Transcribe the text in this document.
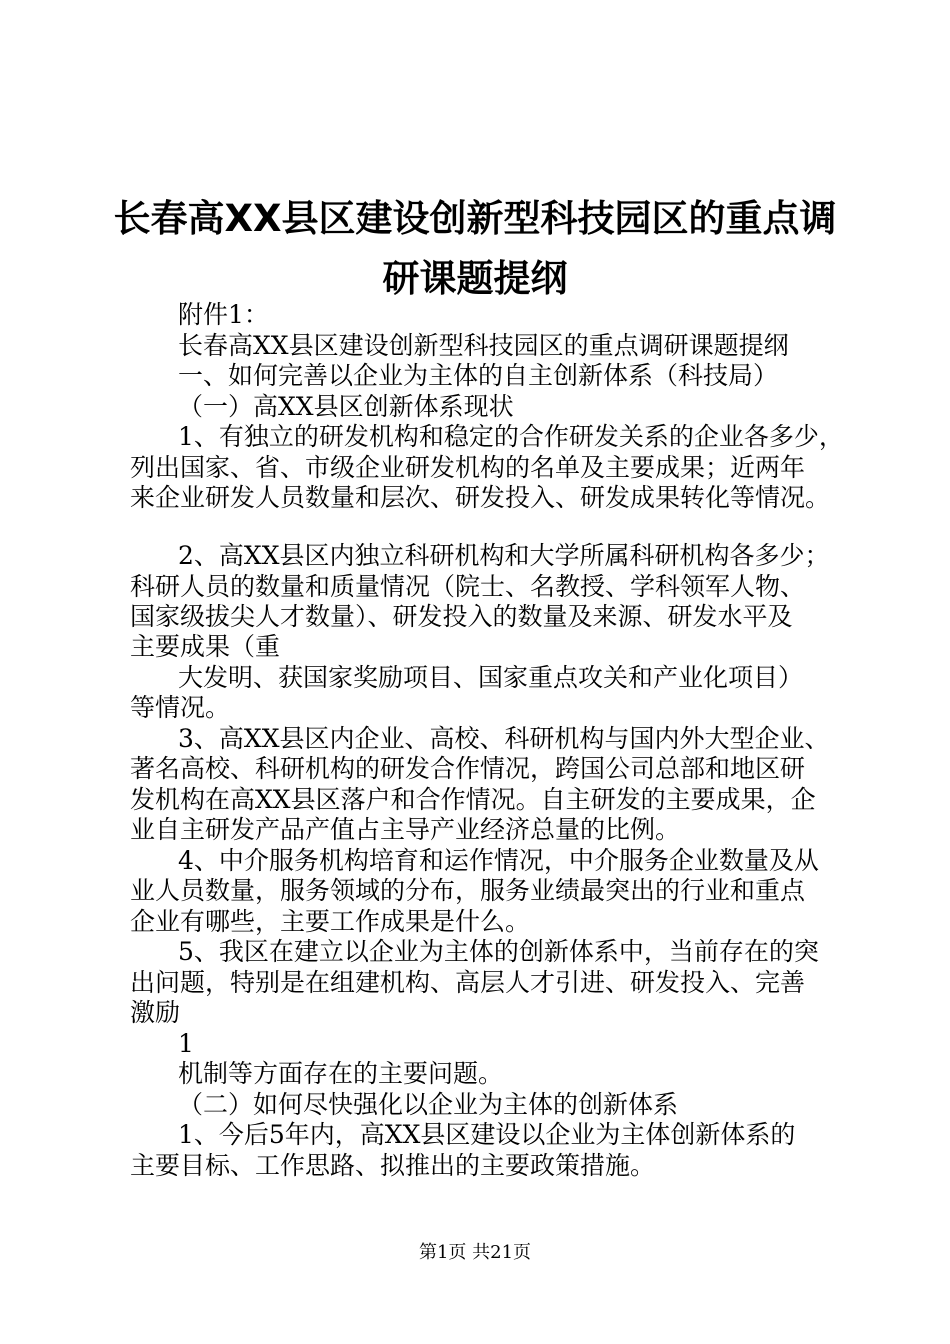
长春高XX县区建设创新型科技园区的重点调
研课题提纲
附件1：
长春高XX县区建设创新型科技园区的重点调研课题提纲
一、如何完善以企业为主体的自主创新体系（科技局）
（一）高XX县区创新体系现状
1、有独立的研发机构和稳定的合作研发关系的企业各多少，
列出国家、省、市级企业研发机构的名单及主要成果；近两年
来企业研发人员数量和层次、研发投入、研发成果转化等情况。
2、高XX县区内独立科研机构和大学所属科研机构各多少；
科研人员的数量和质量情况（院士、名教授、学科领军人物、
国家级拔尖人才数量）、研发投入的数量及来源、研发水平及
主要成果（重
大发明、获国家奖励项目、国家重点攻关和产业化项目）
等情况。
3、高XX县区内企业、高校、科研机构与国内外大型企业、
著名高校、科研机构的研发合作情况，跨国公司总部和地区研
发机构在高XX县区落户和合作情况。自主研发的主要成果，企
业自主研发产品产值占主导产业经济总量的比例。
4、中介服务机构培育和运作情况，中介服务企业数量及从
业人员数量，服务领域的分布，服务业绩最突出的行业和重点
企业有哪些，主要工作成果是什么。
5、我区在建立以企业为主体的创新体系中，当前存在的突
出问题，特别是在组建机构、高层人才引进、研发投入、完善
激励
1
机制等方面存在的主要问题。
（二）如何尽快强化以企业为主体的创新体系
1、今后5年内，高XX县区建设以企业为主体创新体系的
主要目标、工作思路、拟推出的主要政策措施。
第1页 共21页
